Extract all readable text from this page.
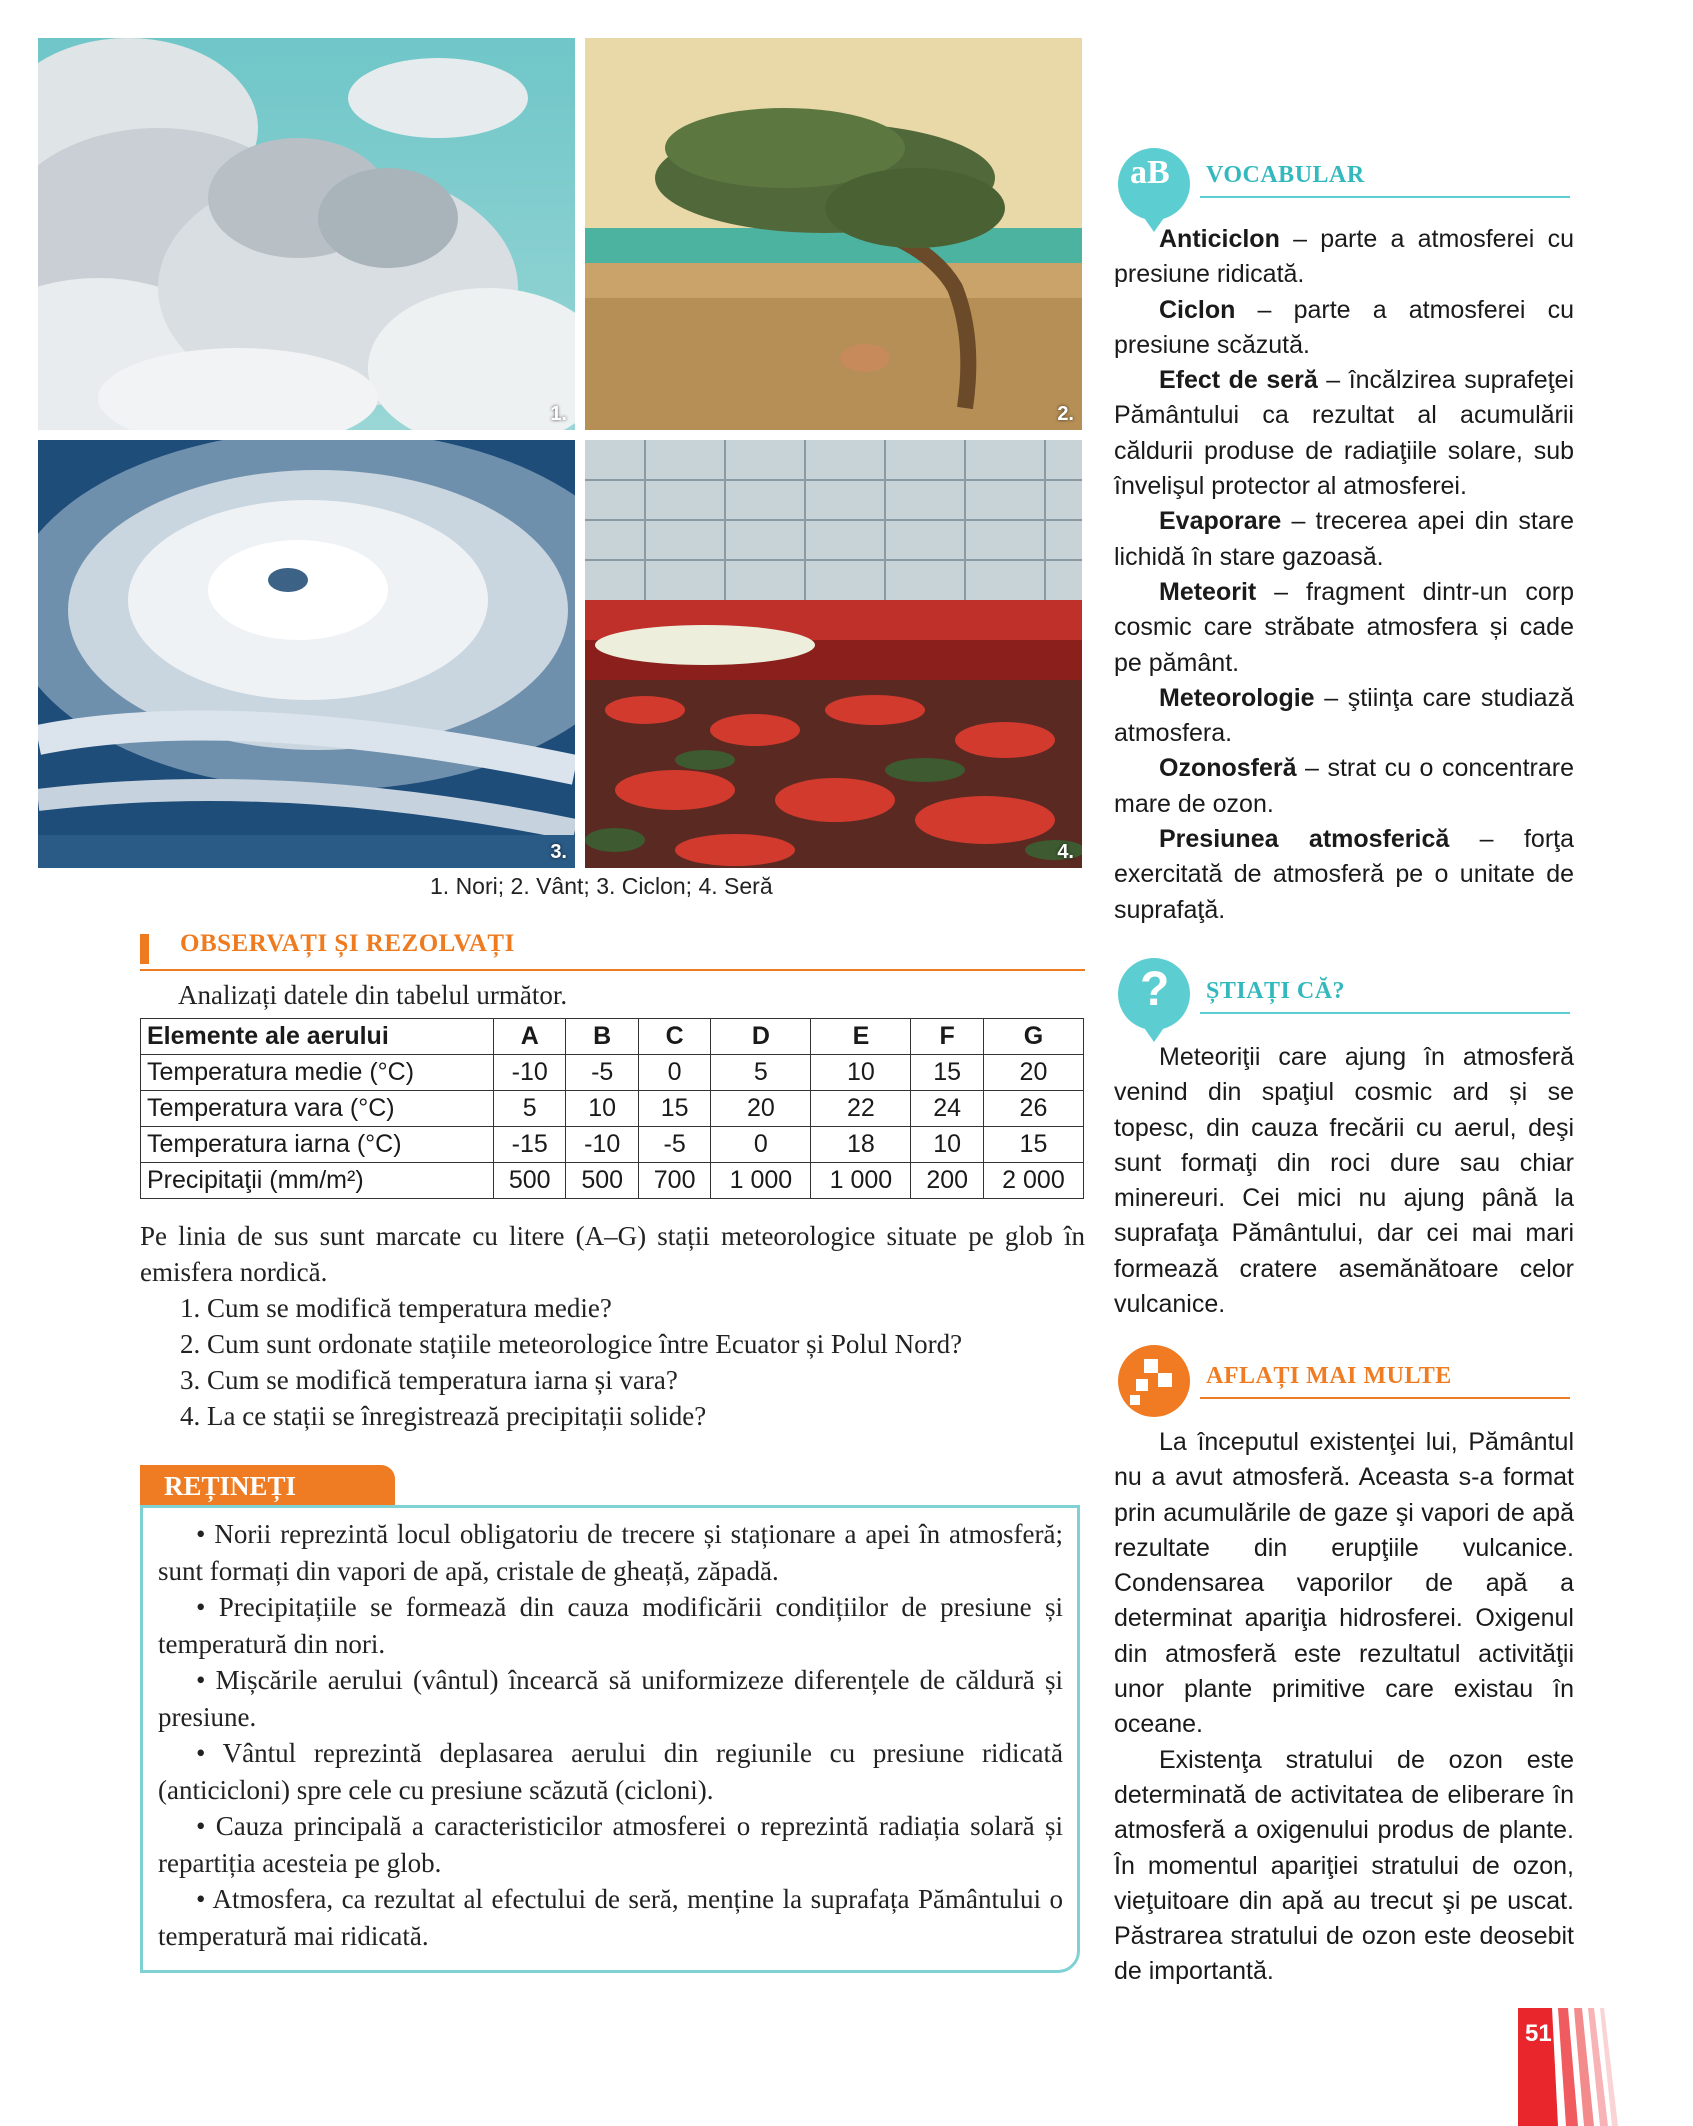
1.	2.
3.	4.
1. Nori; 2. Vânt; 3. Ciclon; 4. Seră
OBSERVAȚI ȘI REZOLVAȚI
Analizați datele din tabelul următor.
Elemente ale aerului	A	B	C	D	E	F	G
Temperatura medie (°C)	-10	-5	0	5	10	15	20
Temperatura vara (°C)	5	10	15	20	22	24	26
Temperatura iarna (°C)	-15	-10	-5	0	18	10	15
Precipitaţii (mm/m²)	500	500	700	1 000	1 000	200	2 000
Pe linia de sus sunt marcate cu litere (A–G) stații meteorologice situate pe glob în emisfera nordică.
1. Cum se modifică temperatura medie?
2. Cum sunt ordonate stațiile meteorologice între Ecuator și Polul Nord?
3. Cum se modifică temperatura iarna și vara?
4. La ce stații se înregistrează precipitații solide?
REȚINEȚI

• Norii reprezintă locul obligatoriu de trecere și staționare a apei în atmosferă; sunt formați din vapori de apă, cristale de gheață, zăpadă.

• Precipitațiile se formează din cauza modificării condițiilor de presiune și temperatură din nori.

• Mișcările aerului (vântul) încearcă să uniformizeze diferențele de căldură și presiune.

• Vântul reprezintă deplasarea aerului din regiunile cu presiune ridicată (anticicloni) spre cele cu presiune scăzută (cicloni).

• Cauza principală a caracteristicilor atmosferei o reprezintă radiația solară și repartiția acesteia pe glob.

• Atmosfera, ca rezultat al efectului de seră, menține la suprafața Pământului o temperatură mai ridicată.

aB VOCABULAR

Anticiclon – parte a atmosferei cu presiune ridicată.

Ciclon – parte a atmosferei cu presiune scăzută.

Efect de seră – încălzirea suprafeţei Pământului ca rezultat al acumulării căldurii produse de radiaţiile solare, sub învelişul protector al atmosferei.

Evaporare – trecerea apei din stare lichidă în stare gazoasă.

Meteorit – fragment dintr-un corp cosmic care străbate atmosfera și cade pe pământ.

Meteorologie – ştiinţa care studiază atmosfera.

Ozonosferă – strat cu o concentrare mare de ozon.

Presiunea atmosferică – forţa exercitată de atmosferă pe o unitate de suprafaţă.

? ȘTIAȚI CĂ?

Meteoriţii care ajung în atmosferă venind din spaţiul cosmic ard și se topesc, din cauza frecării cu aerul, deşi sunt formaţi din roci dure sau chiar minereuri. Cei mici nu ajung până la suprafaţa Pământului, dar cei mai mari formează cratere asemănătoare celor vulcanice.

AFLAȚI MAI MULTE

La începutul existenţei lui, Pământul nu a avut atmosferă. Aceasta s-a format prin acumulările de gaze şi vapori de apă rezultate din erupţiile vulcanice. Condensarea vaporilor de apă a determinat apariţia hidrosferei. Oxigenul din atmosferă este rezultatul activităţii unor plante primitive care existau în oceane.

Existenţa stratului de ozon este determinată de activitatea de eliberare în atmosferă a oxigenului produs de plante. În momentul apariţiei stratului de ozon, vieţuitoare din apă au trecut şi pe uscat. Păstrarea stratului de ozon este deosebit de importantă.

51
